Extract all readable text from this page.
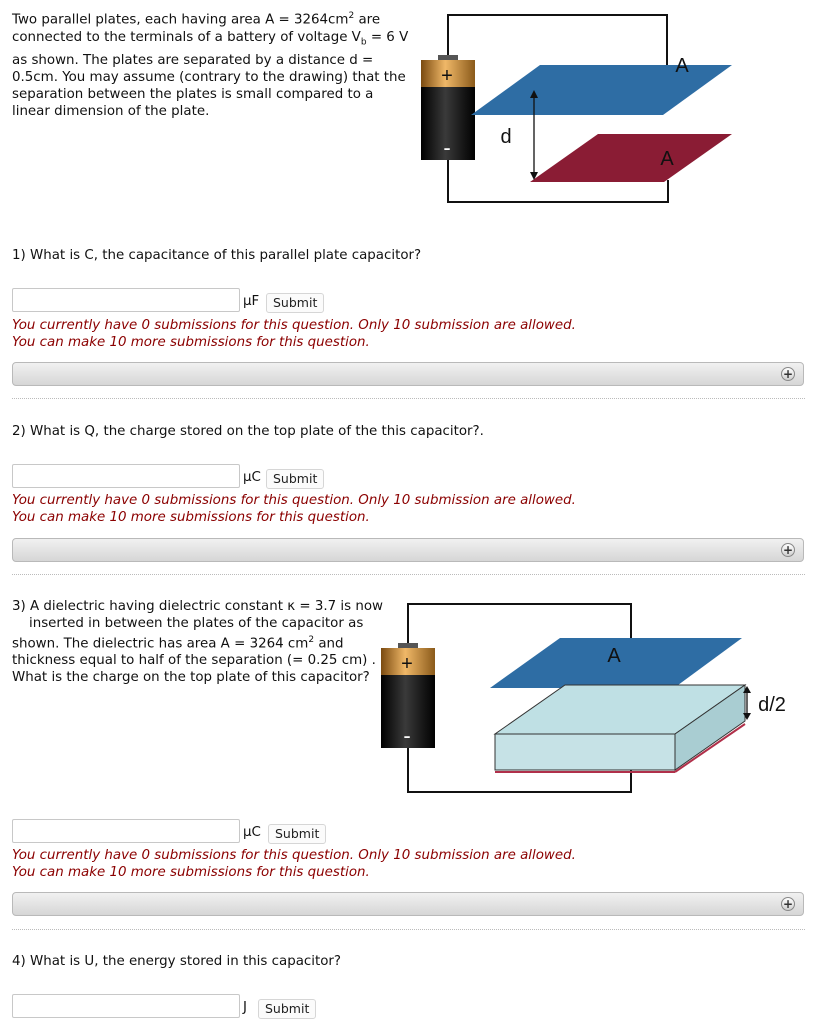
Two parallel plates, each having area $A = 3264cm^2$ are connected to the terminals of a battery of voltage $V_b = 6$ V as shown. The plates are separated by a distance d = 0.5cm. You may assume (contrary to the drawing) that the separation between the plates is small compared to a linear dimension of the plate.
+
- d
A
A
1) What is C, the capacitance of this parallel plate capacitor?
μF	Submit
You currently have 0 submissions for this question. Only 10 submission are allowed.
You can make 10 more submissions for this question.
+
2) What is Q, the charge stored on the top plate of the this capacitor?.
μC Submit
You currently have 0 submissions for this question. Only 10 submission are allowed.
You can make 10 more submissions for this question.
+
3) A dielectric having dielectric constant κ = 3.7 is now
inserted in between the plates of the capacitor as
shown. The dielectric has area A = 3264 $cm^2$ and
thickness equal to half of the separation (= 0.25 cm) .
What is the charge on the top plate of this capacitor?
+
-
A
d/2
μC	Submit
You currently have 0 submissions for this question. Only 10 submission are allowed.
You can make 10 more submissions for this question.
+
4) What is U, the energy stored in this capacitor?
J	Submit
